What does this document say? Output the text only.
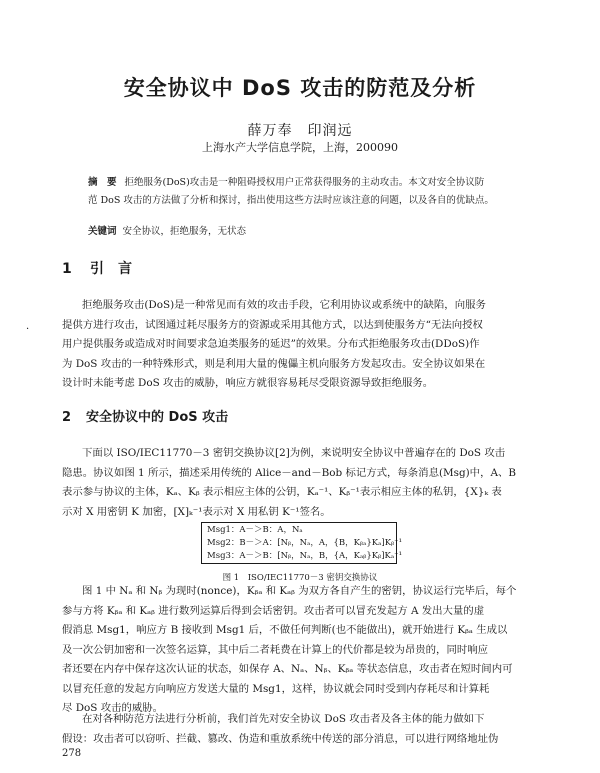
安全协议中 DoS 攻击的防范及分析
薛万奉　印润远
上海水产大学信息学院，上海，200090
摘　要 拒绝服务(DoS)攻击是一种阻碍授权用户正常获得服务的主动攻击。本文对安全协议防
范 DoS 攻击的方法做了分析和探讨，指出使用这些方法时应该注意的问题，以及各自的优缺点。
关键词 安全协议，拒绝服务，无状态
1 引　言
·
拒绝服务攻击(DoS)是一种常见而有效的攻击手段，它利用协议或系统中的缺陷，向服务
提供方进行攻击，试图通过耗尽服务方的资源或采用其他方式，以达到使服务方“无法向授权
用户提供服务或造成对时间要求急迫类服务的延迟”的效果。分布式拒绝服务攻击(DDoS)作
为 DoS 攻击的一种特殊形式，则是利用大量的傀儡主机向服务方发起攻击。安全协议如果在
设计时未能考虑 DoS 攻击的威胁，响应方就很容易耗尽受限资源导致拒绝服务。
2 安全协议中的 DoS 攻击
下面以 ISO/IEC11770－3 密钥交换协议[2]为例，来说明安全协议中普遍存在的 DoS 攻击
隐患。协议如图 1 所示，描述采用传统的 Alice－and－Bob 标记方式，每条消息(Msg)中，A、B
表示参与协议的主体，Kₐ、Kᵦ 表示相应主体的公钥，Kₐ⁻¹、Kᵦ⁻¹表示相应主体的私钥，{X}ₖ 表
示对 X 用密钥 K 加密，[X]ₖ⁻¹表示对 X 用私钥 K⁻¹签名。
Msg1：A－＞B：A，Nₐ
Msg2：B－＞A：[Nᵦ，Nₐ，A，{B，Kᵦₐ}Kₐ]Kᵦ⁻¹
Msg3：A－＞B：[Nᵦ，Nₐ，B，{A，Kₐᵦ}Kᵦ]Kₐ⁻¹
图 1　ISO/IEC11770－3 密钥交换协议
图 1 中 Nₐ 和 Nᵦ 为现时(nonce)，Kᵦₐ 和 Kₐᵦ 为双方各自产生的密钥，协议运行完毕后，每个
参与方将 Kᵦₐ 和 Kₐᵦ 进行数列运算后得到会话密钥。攻击者可以冒充发起方 A 发出大量的虚
假消息 Msg1，响应方 B 接收到 Msg1 后，不做任何判断(也不能做出)，就开始进行 Kᵦₐ 生成以
及一次公钥加密和一次签名运算，其中后二者耗费在计算上的代价都是较为昂贵的，同时响应
者还要在内存中保存这次认证的状态，如保存 A、Nₐ、Nᵦ、Kᵦₐ 等状态信息，攻击者在短时间内可
以冒充任意的发起方向响应方发送大量的 Msg1，这样，协议就会同时受到内存耗尽和计算耗
尽 DoS 攻击的威胁。
在对各种防范方法进行分析前，我们首先对安全协议 DoS 攻击者及各主体的能力做如下
假设：攻击者可以窃听、拦截、篡改、伪造和重放系统中传送的部分消息，可以进行网络地址伪
278
